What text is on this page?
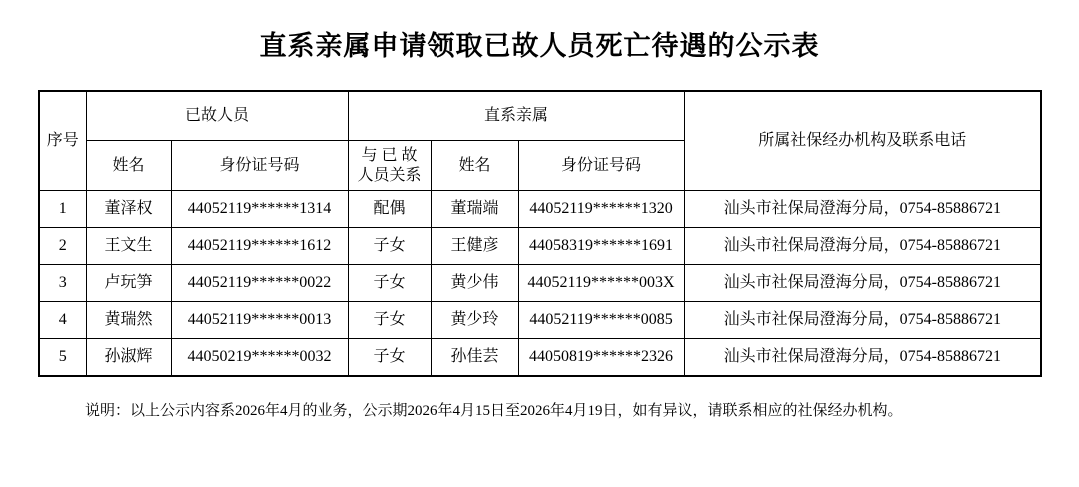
直系亲属申请领取已故人员死亡待遇的公示表
序号	已故人员		直系亲属			所属社保经办机构及联系电话
	姓名	身份证号码	与 已 故
人员关系	姓名	身份证号码	
1	董泽权	44052119******1314	配偶	董瑞端	44052119******1320	汕头市社保局澄海分局，0754-85886721
2	王文生	44052119******1612	子女	王健彦	44058319******1691	汕头市社保局澄海分局，0754-85886721
3	卢玩笋	44052119******0022	子女	黄少伟	44052119******003X	汕头市社保局澄海分局，0754-85886721
4	黄瑞然	44052119******0013	子女	黄少玲	44052119******0085	汕头市社保局澄海分局，0754-85886721
5	孙淑辉	44050219******0032	子女	孙佳芸	44050819******2326	汕头市社保局澄海分局，0754-85886721

说明：以上公示内容系2026年4月的业务，公示期2026年4月15日至2026年4月19日，如有异议，请联系相应的社保经办机构。
